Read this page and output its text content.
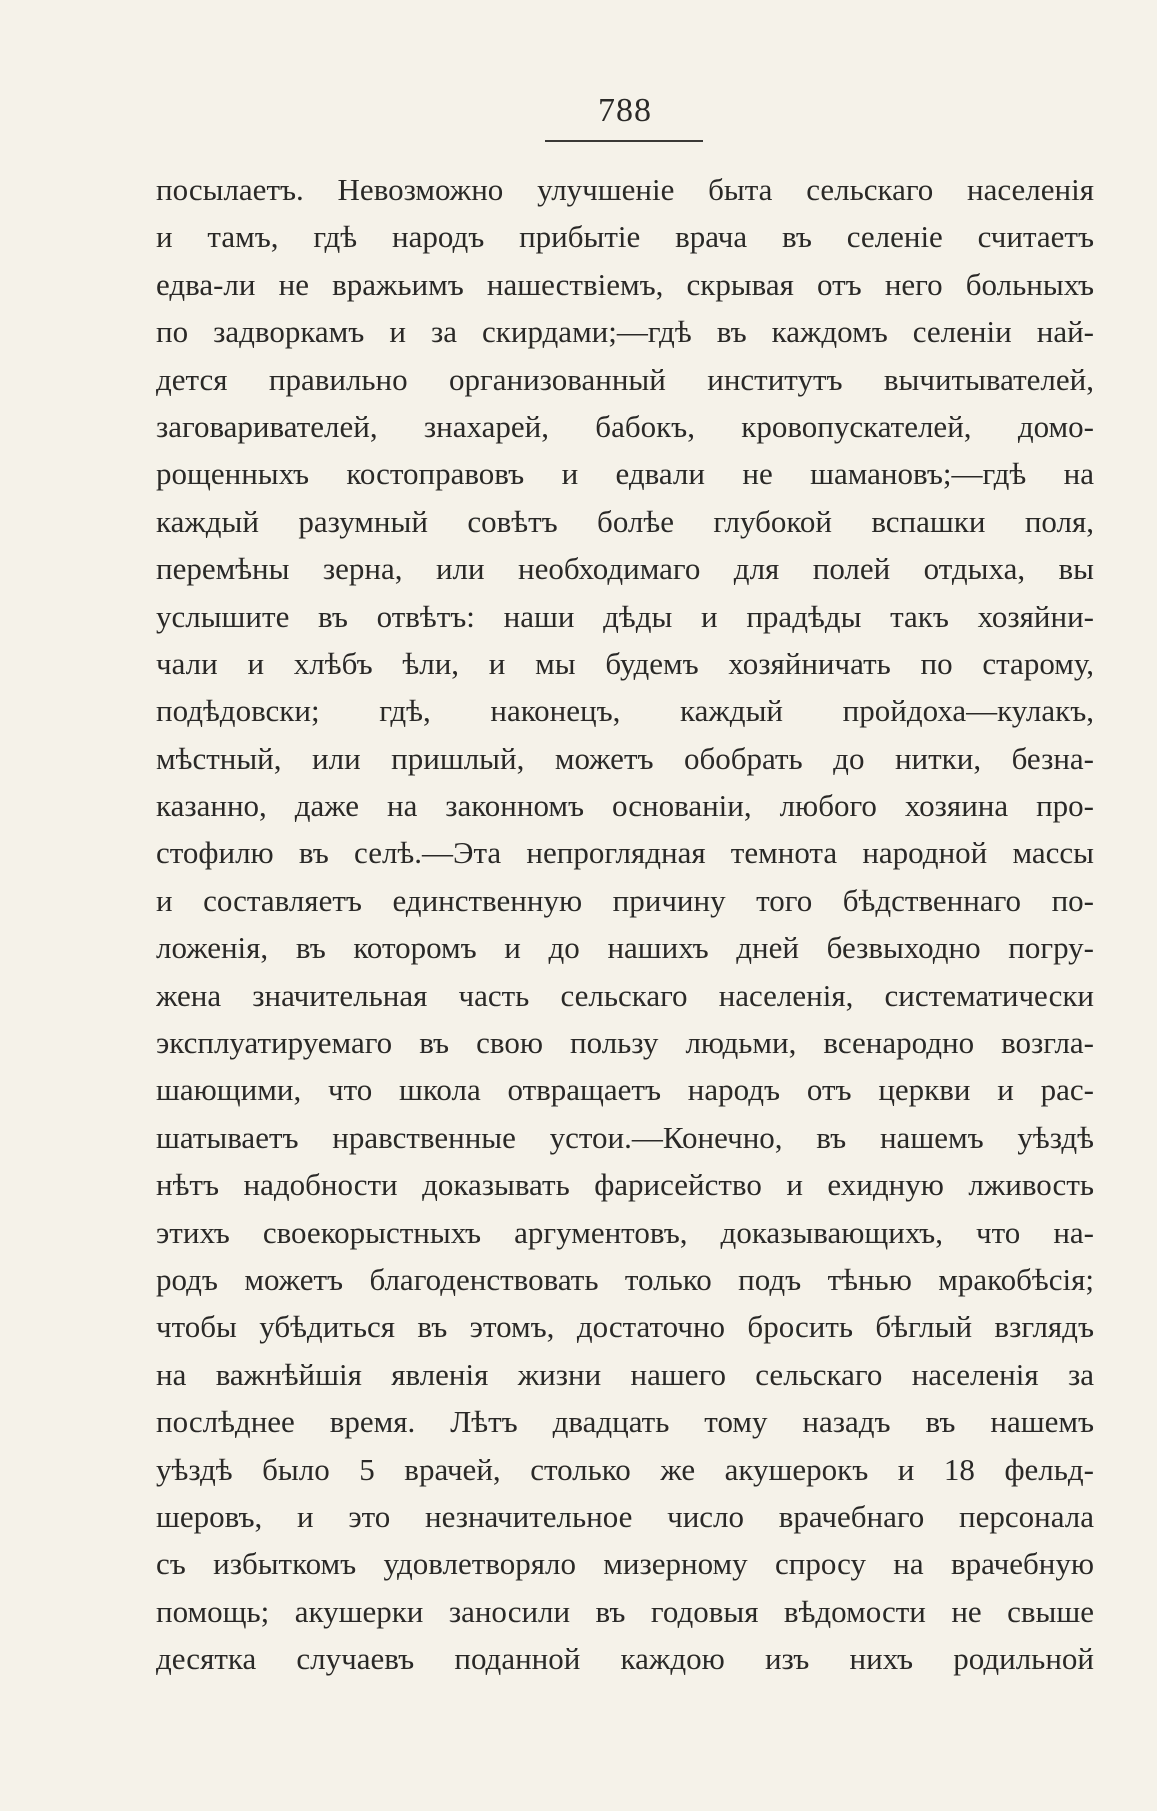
788
посылаетъ. Невозможно улучшеніе быта сельскаго населенія
и тамъ, гдѣ народъ прибытіе врача въ селеніе считаетъ
едва-ли не вражьимъ нашествіемъ, скрывая отъ него больныхъ
по задворкамъ и за скирдами;—гдѣ въ каждомъ селеніи най-
дется правильно организованный институтъ вычитывателей,
заговаривателей, знахарей, бабокъ, кровопускателей, домо-
рощенныхъ костоправовъ и едвали не шамановъ;—гдѣ на
каждый разумный совѣтъ болѣе глубокой вспашки поля,
перемѣны зерна, или необходимаго для полей отдыха, вы
услышите въ отвѣтъ: наши дѣды и прадѣды такъ хозяйни-
чали и хлѣбъ ѣли, и мы будемъ хозяйничать по старому,
подѣдовски; гдѣ, наконецъ, каждый пройдоха—кулакъ,
мѣстный, или пришлый, можетъ обобрать до нитки, безна-
казанно, даже на законномъ основаніи, любого хозяина про-
стофилю въ селѣ.—Эта непроглядная темнота народной массы
и составляетъ единственную причину того бѣдственнаго по-
ложенія, въ которомъ и до нашихъ дней безвыходно погру-
жена значительная часть сельскаго населенія, систематически
эксплуатируемаго въ свою пользу людьми, всенародно возгла-
шающими, что школа отвращаетъ народъ отъ церкви и рас-
шатываетъ нравственные устои.—Конечно, въ нашемъ уѣздѣ
нѣтъ надобности доказывать фарисейство и ехидную лживость
этихъ своекорыстныхъ аргументовъ, доказывающихъ, что на-
родъ можетъ благоденствовать только подъ тѣнью мракобѣсія;
чтобы убѣдиться въ этомъ, достаточно бросить бѣглый взглядъ
на важнѣйшія явленія жизни нашего сельскаго населенія за
послѣднее время. Лѣтъ двадцать тому назадъ въ нашемъ
уѣздѣ было 5 врачей, столько же акушерокъ и 18 фельд-
шеровъ, и это незначительное число врачебнаго персонала
съ избыткомъ удовлетворяло мизерному спросу на врачебную
помощь; акушерки заносили въ годовыя вѣдомости не свыше
десятка случаевъ поданной каждою изъ нихъ родильной
